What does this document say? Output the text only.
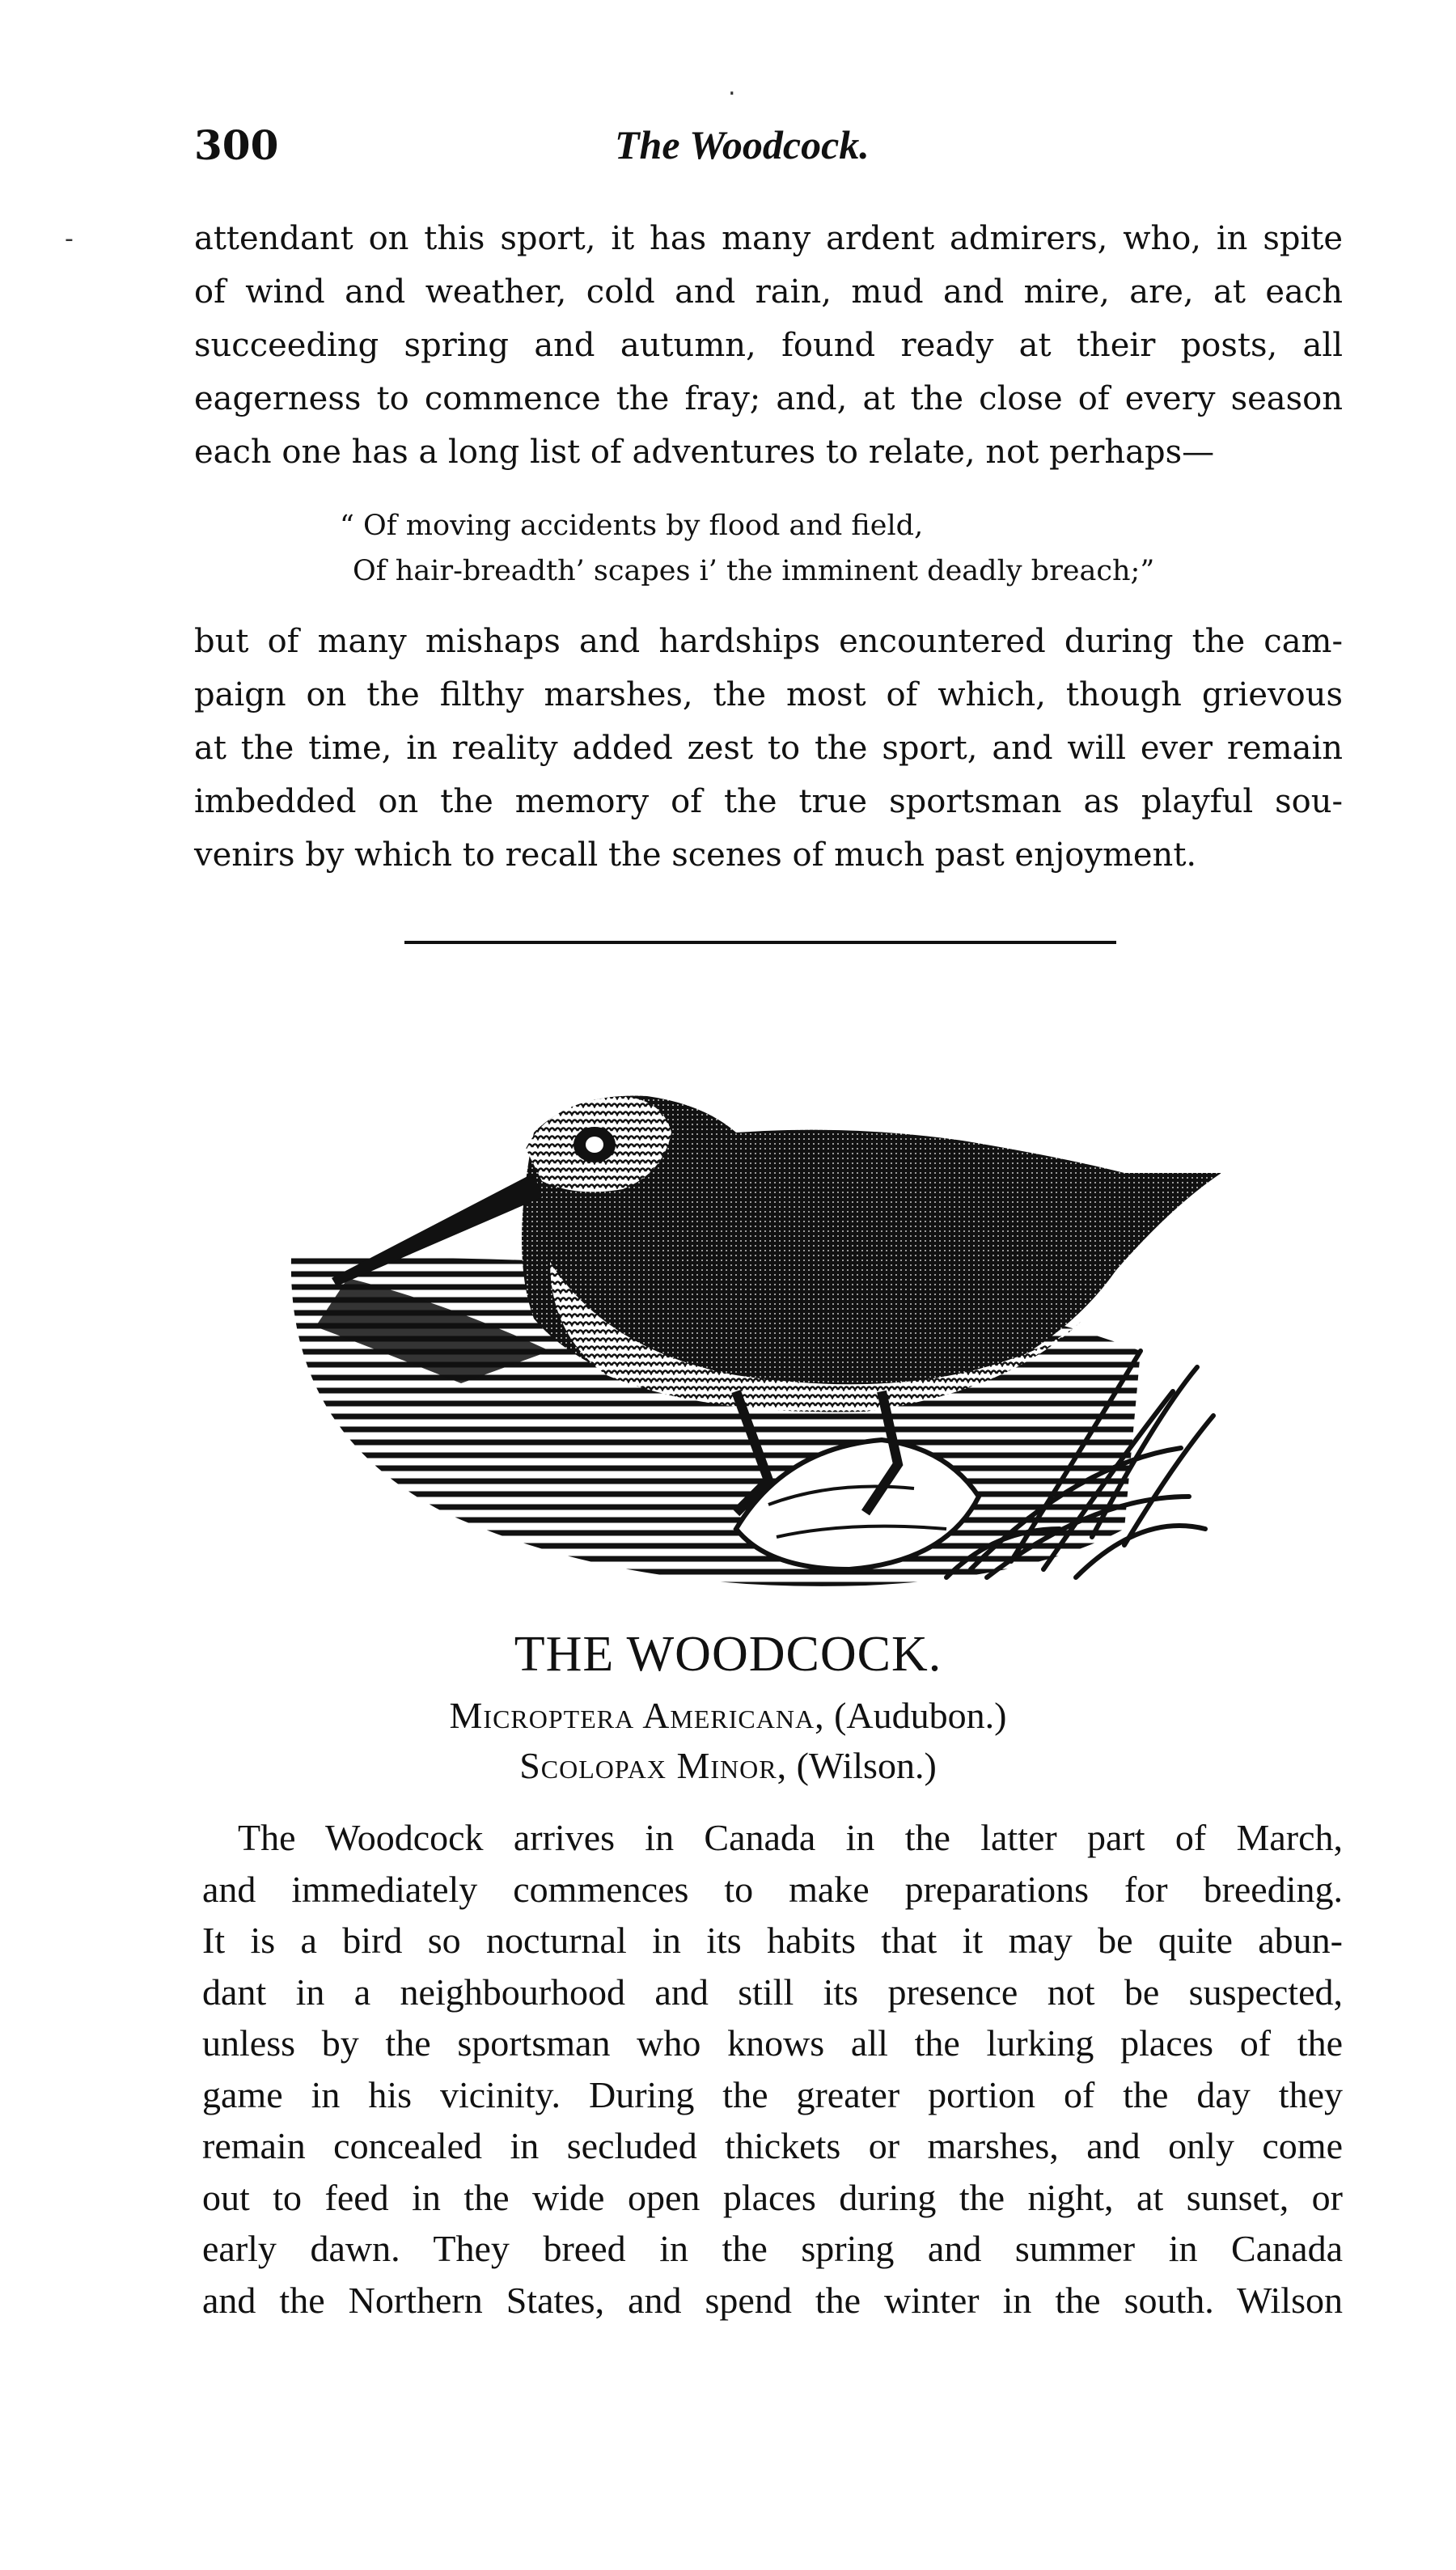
300	The Woodcock.
attendant on this sport, it has many ardent admirers, who, in spite
of wind and weather, cold and rain, mud and mire, are, at each
succeeding spring and autumn, found ready at their posts, all
eagerness to commence the fray; and, at the close of every season
each one has a long list of adventures to relate, not perhaps—
“ Of moving accidents by flood and field,
Of hair-breadth’ scapes i’ the imminent deadly breach;”
but of many mishaps and hardships encountered during the cam-
paign on the filthy marshes, the most of which, though grievous
at the time, in reality added zest to the sport, and will ever remain
imbedded on the memory of the true sportsman as playful sou-
venirs by which to recall the scenes of much past enjoyment.
THE WOODCOCK.
Microptera Americana, (Audubon.)
Scolopax Minor, (Wilson.)
The Woodcock arrives in Canada in the latter part of March,
and immediately commences to make preparations for breeding.
It is a bird so nocturnal in its habits that it may be quite abun-
dant in a neighbourhood and still its presence not be suspected,
unless by the sportsman who knows all the lurking places of the
game in his vicinity. During the greater portion of the day they
remain concealed in secluded thickets or marshes, and only come
out to feed in the wide open places during the night, at sunset, or
early dawn. They breed in the spring and summer in Canada
and the Northern States, and spend the winter in the south. Wilson
-
.
